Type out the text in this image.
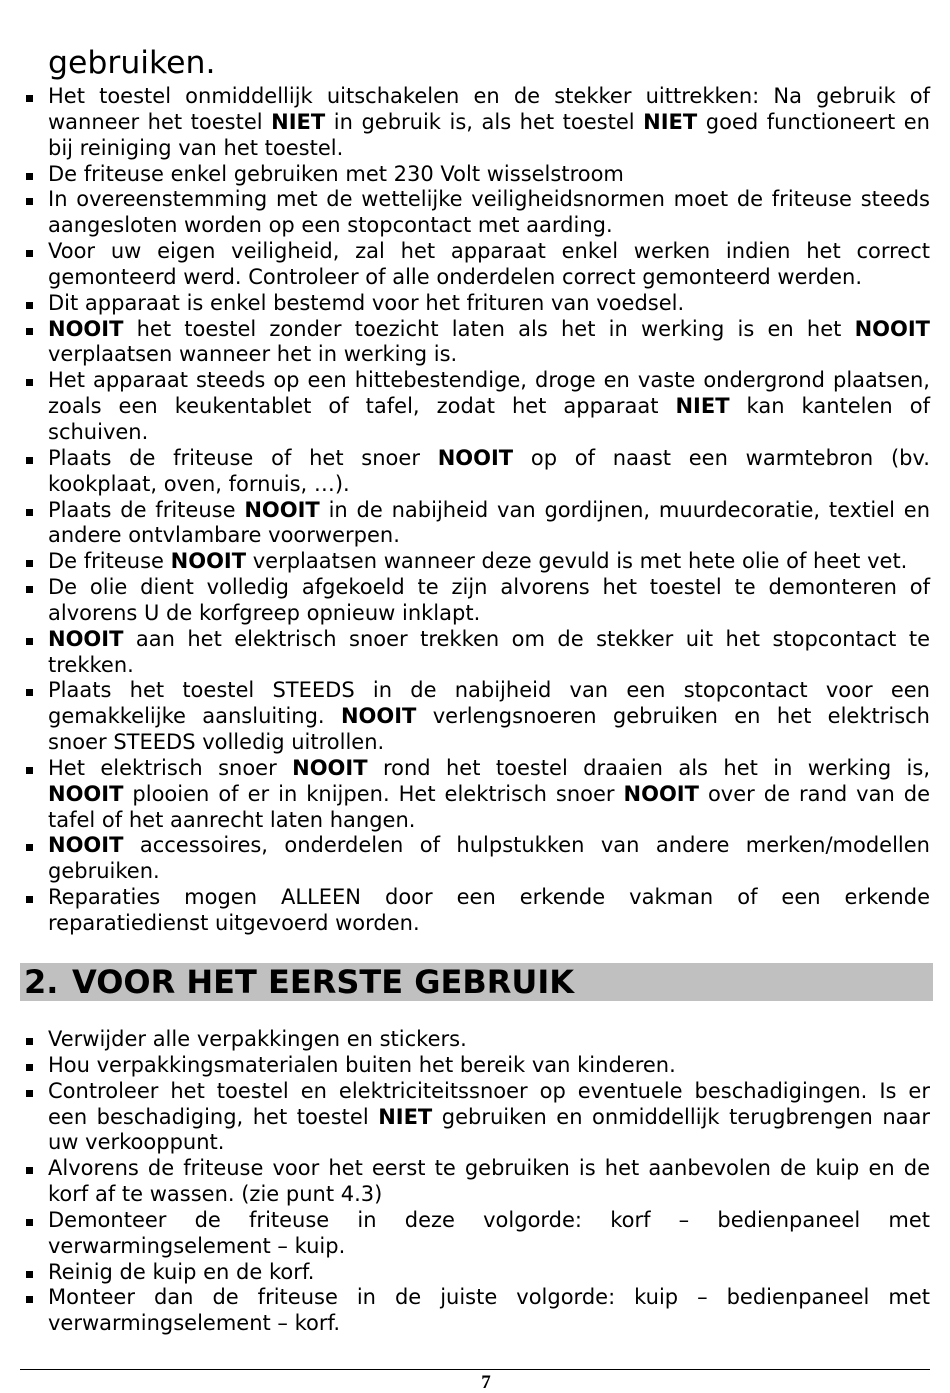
gebruiken.
Het toestel onmiddellijk uitschakelen en de stekker uittrekken: Na gebruik of
wanneer het toestel NIET in gebruik is, als het toestel NIET goed functioneert en
bij reiniging van het toestel.
De friteuse enkel gebruiken met 230 Volt wisselstroom
In overeenstemming met de wettelijke veiligheidsnormen moet de friteuse steeds
aangesloten worden op een stopcontact met aarding.
Voor uw eigen veiligheid, zal het apparaat enkel werken indien het correct
gemonteerd werd. Controleer of alle onderdelen correct gemonteerd werden.
Dit apparaat is enkel bestemd voor het frituren van voedsel.
NOOIT het toestel zonder toezicht laten als het in werking is en het NOOIT
verplaatsen wanneer het in werking is.
Het apparaat steeds op een hittebestendige, droge en vaste ondergrond plaatsen,
zoals een keukentablet of tafel, zodat het apparaat NIET kan kantelen of
schuiven.
Plaats de friteuse of het snoer NOOIT op of naast een warmtebron (bv.
kookplaat, oven, fornuis, …).
Plaats de friteuse NOOIT in de nabijheid van gordijnen, muurdecoratie, textiel en
andere ontvlambare voorwerpen.
De friteuse NOOIT verplaatsen wanneer deze gevuld is met hete olie of heet vet.
De olie dient volledig afgekoeld te zijn alvorens het toestel te demonteren of
alvorens U de korfgreep opnieuw inklapt.
NOOIT aan het elektrisch snoer trekken om de stekker uit het stopcontact te
trekken.
Plaats het toestel STEEDS in de nabijheid van een stopcontact voor een
gemakkelijke aansluiting. NOOIT verlengsnoeren gebruiken en het elektrisch
snoer STEEDS volledig uitrollen.
Het elektrisch snoer NOOIT rond het toestel draaien als het in werking is,
NOOIT plooien of er in knijpen. Het elektrisch snoer NOOIT over de rand van de
tafel of het aanrecht laten hangen.
NOOIT accessoires, onderdelen of hulpstukken van andere merken/modellen
gebruiken.
Reparaties mogen ALLEEN door een erkende vakman of een erkende
reparatiedienst uitgevoerd worden.
2. VOOR HET EERSTE GEBRUIK
Verwijder alle verpakkingen en stickers.
Hou verpakkingsmaterialen buiten het bereik van kinderen.
Controleer het toestel en elektriciteitssnoer op eventuele beschadigingen. Is er
een beschadiging, het toestel NIET gebruiken en onmiddellijk terugbrengen naar
uw verkooppunt.
Alvorens de friteuse voor het eerst te gebruiken is het aanbevolen de kuip en de
korf af te wassen. (zie punt 4.3)
Demonteer de friteuse in deze volgorde: korf – bedienpaneel met
verwarmingselement – kuip.
Reinig de kuip en de korf.
Monteer dan de friteuse in de juiste volgorde: kuip – bedienpaneel met
verwarmingselement – korf.
7
